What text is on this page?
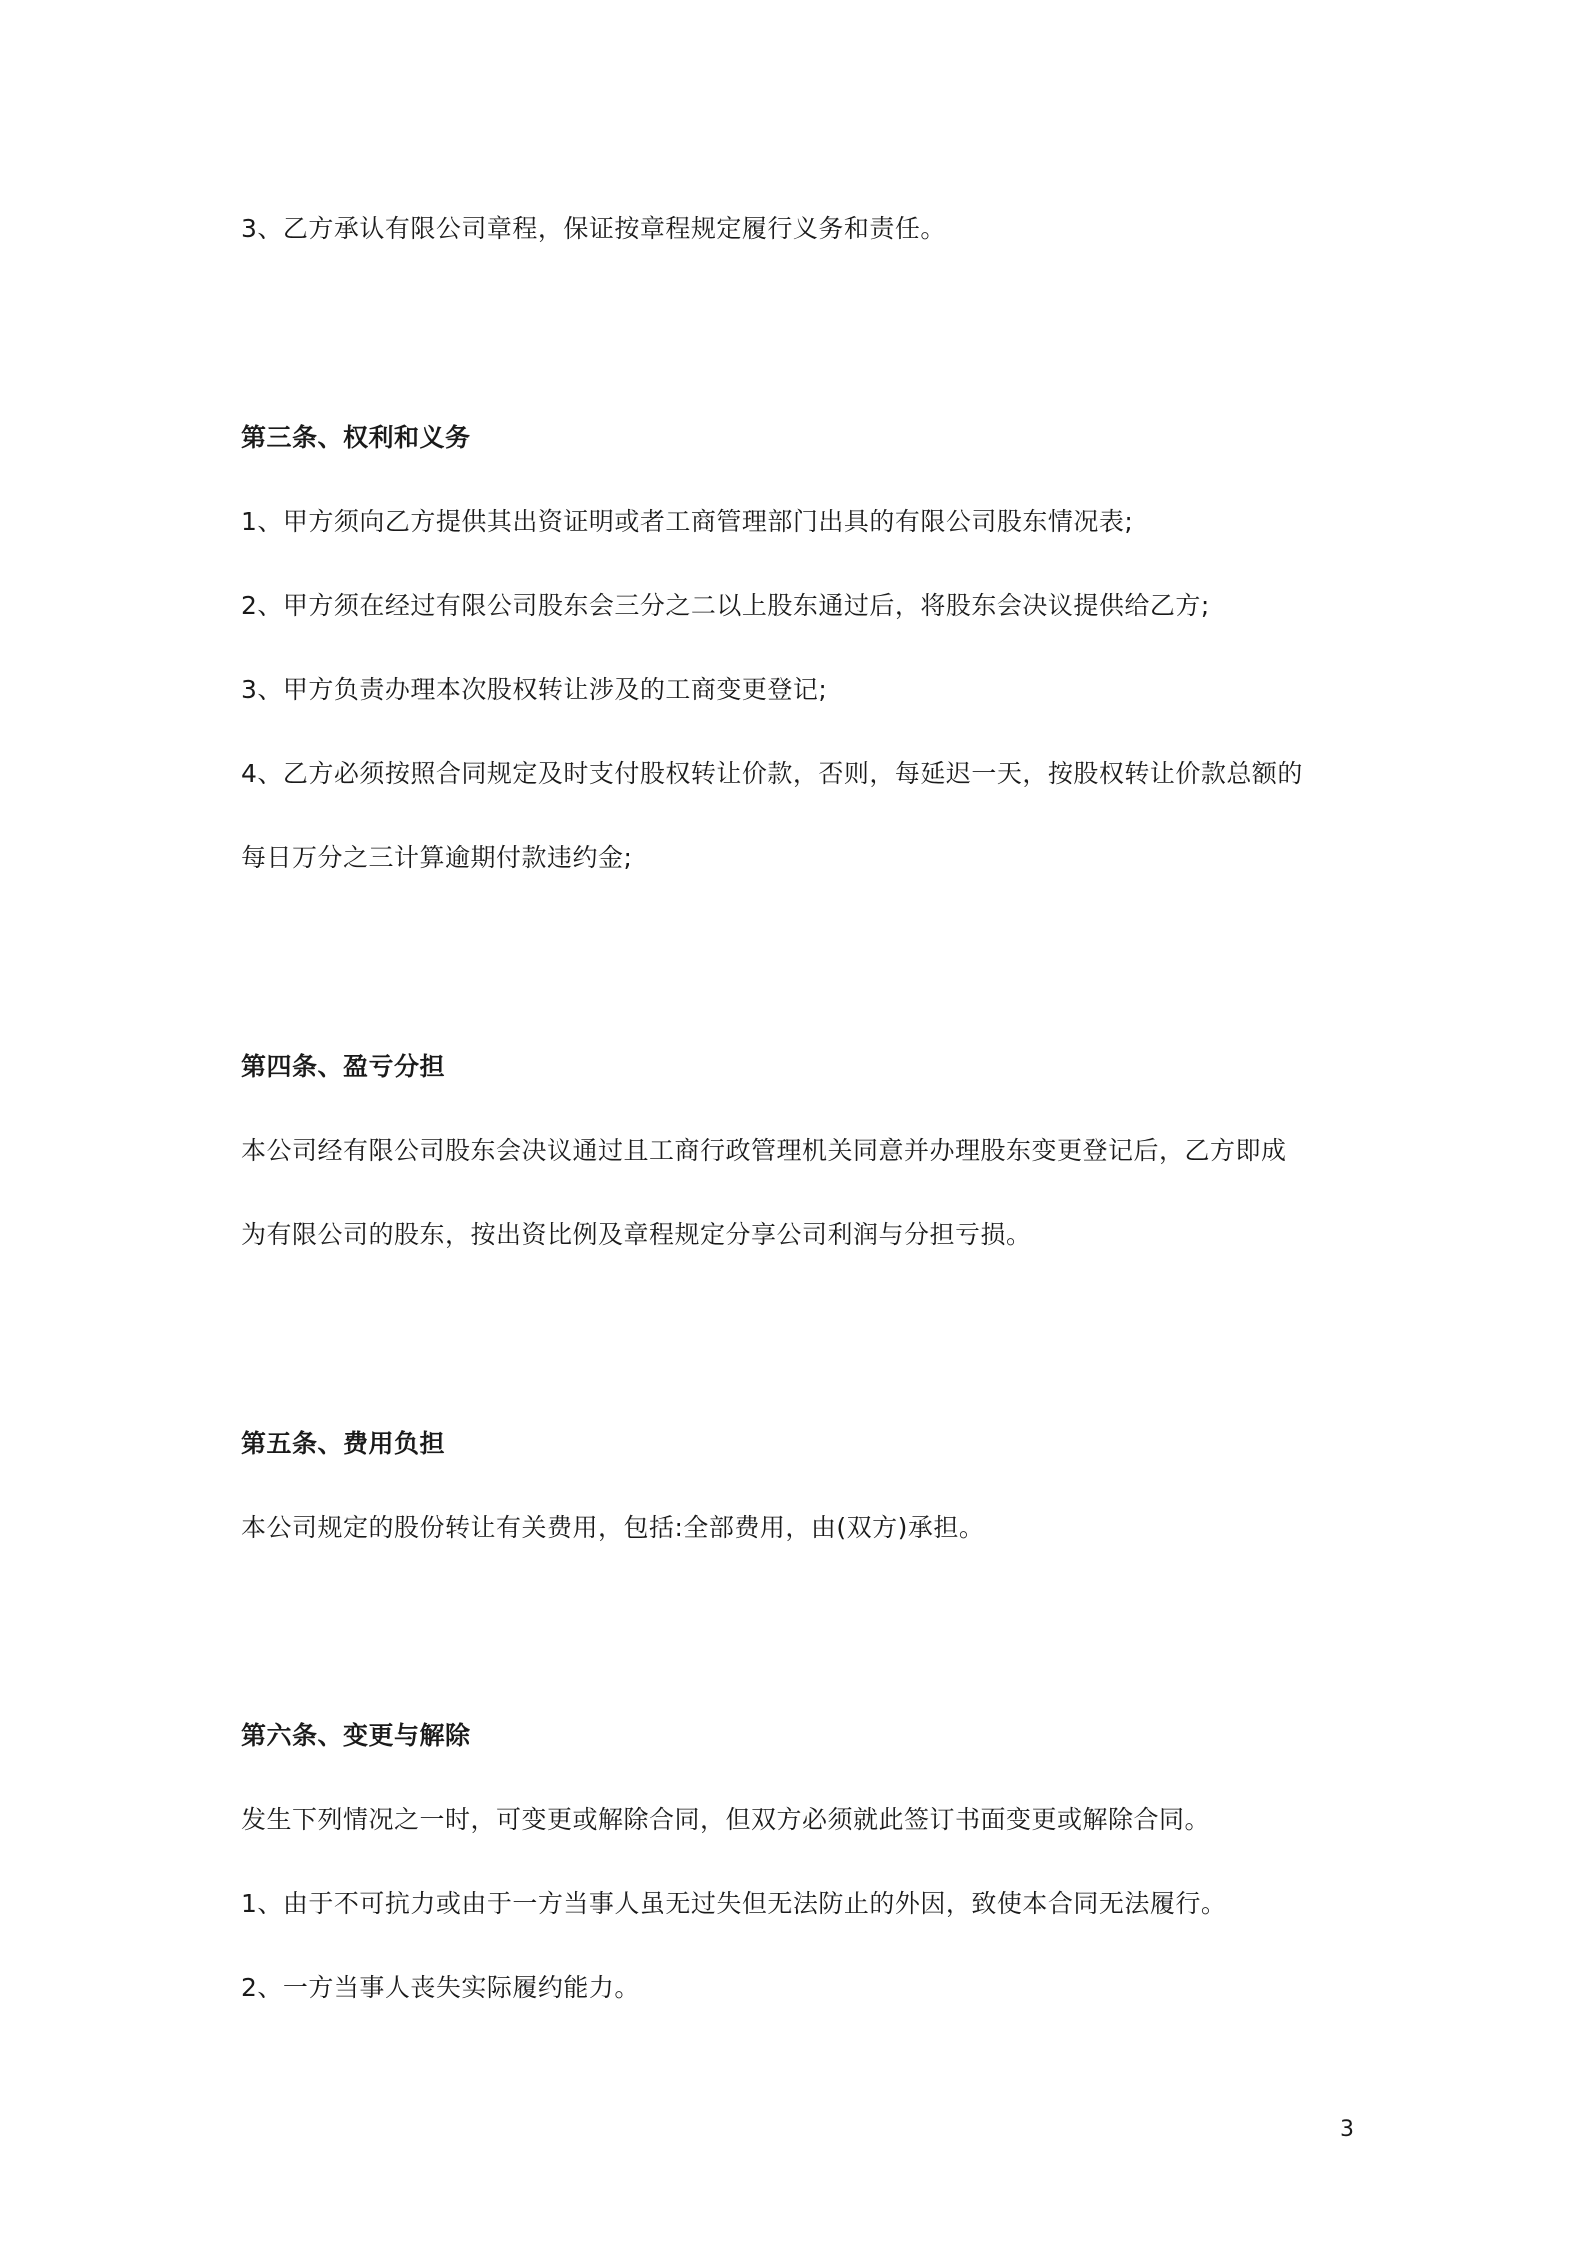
3、乙方承认有限公司章程，保证按章程规定履行义务和责任。

第三条、权利和义务

1、甲方须向乙方提供其出资证明或者工商管理部门出具的有限公司股东情况表;

2、甲方须在经过有限公司股东会三分之二以上股东通过后，将股东会决议提供给乙方;

3、甲方负责办理本次股权转让涉及的工商变更登记;

4、乙方必须按照合同规定及时支付股权转让价款，否则，每延迟一天，按股权转让价款总额的

每日万分之三计算逾期付款违约金;

第四条、盈亏分担

本公司经有限公司股东会决议通过且工商行政管理机关同意并办理股东变更登记后，乙方即成

为有限公司的股东，按出资比例及章程规定分享公司利润与分担亏损。

第五条、费用负担

本公司规定的股份转让有关费用，包括:全部费用，由(双方)承担。

第六条、变更与解除

发生下列情况之一时，可变更或解除合同，但双方必须就此签订书面变更或解除合同。

1、由于不可抗力或由于一方当事人虽无过失但无法防止的外因，致使本合同无法履行。

2、一方当事人丧失实际履约能力。

3
